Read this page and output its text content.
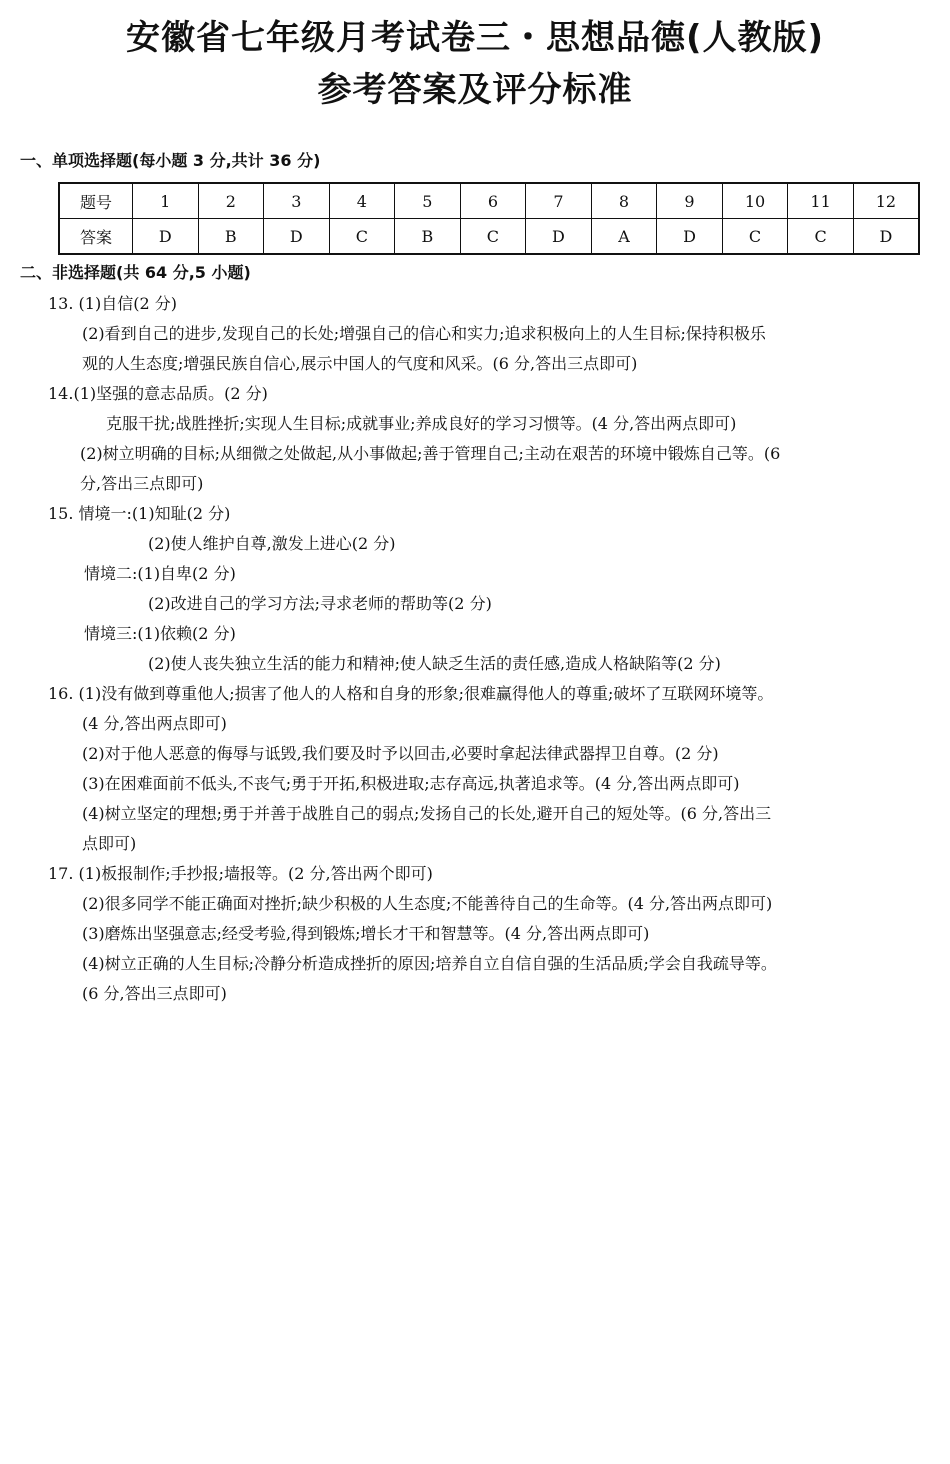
安徽省七年级月考试卷三・思想品德(人教版)
参考答案及评分标准
一、单项选择题(每小题 3 分,共计 36 分)
题号	1	2	3	4	5	6	7	8	9	10	11	12
答案	D	B	D	C	B	C	D	A	D	C	C	D
二、非选择题(共 64 分,5 小题)
13. (1)自信(2 分)
(2)看到自己的进步,发现自己的长处;增强自己的信心和实力;追求积极向上的人生目标;保持积极乐
观的人生态度;增强民族自信心,展示中国人的气度和风采。(6 分,答出三点即可)
14.(1)坚强的意志品质。(2 分)
克服干扰;战胜挫折;实现人生目标;成就事业;养成良好的学习习惯等。(4 分,答出两点即可)
(2)树立明确的目标;从细微之处做起,从小事做起;善于管理自己;主动在艰苦的环境中锻炼自己等。(6
分,答出三点即可)
15. 情境一:(1)知耻(2 分)
(2)使人维护自尊,激发上进心(2 分)
情境二:(1)自卑(2 分)
(2)改进自己的学习方法;寻求老师的帮助等(2 分)
情境三:(1)依赖(2 分)
(2)使人丧失独立生活的能力和精神;使人缺乏生活的责任感,造成人格缺陷等(2 分)
16. (1)没有做到尊重他人;损害了他人的人格和自身的形象;很难赢得他人的尊重;破坏了互联网环境等。
(4 分,答出两点即可)
(2)对于他人恶意的侮辱与诋毁,我们要及时予以回击,必要时拿起法律武器捍卫自尊。(2 分)
(3)在困难面前不低头,不丧气;勇于开拓,积极进取;志存高远,执著追求等。(4 分,答出两点即可)
(4)树立坚定的理想;勇于并善于战胜自己的弱点;发扬自己的长处,避开自己的短处等。(6 分,答出三
点即可)
17. (1)板报制作;手抄报;墙报等。(2 分,答出两个即可)
(2)很多同学不能正确面对挫折;缺少积极的人生态度;不能善待自己的生命等。(4 分,答出两点即可)
(3)磨炼出坚强意志;经受考验,得到锻炼;增长才干和智慧等。(4 分,答出两点即可)
(4)树立正确的人生目标;冷静分析造成挫折的原因;培养自立自信自强的生活品质;学会自我疏导等。
(6 分,答出三点即可)
